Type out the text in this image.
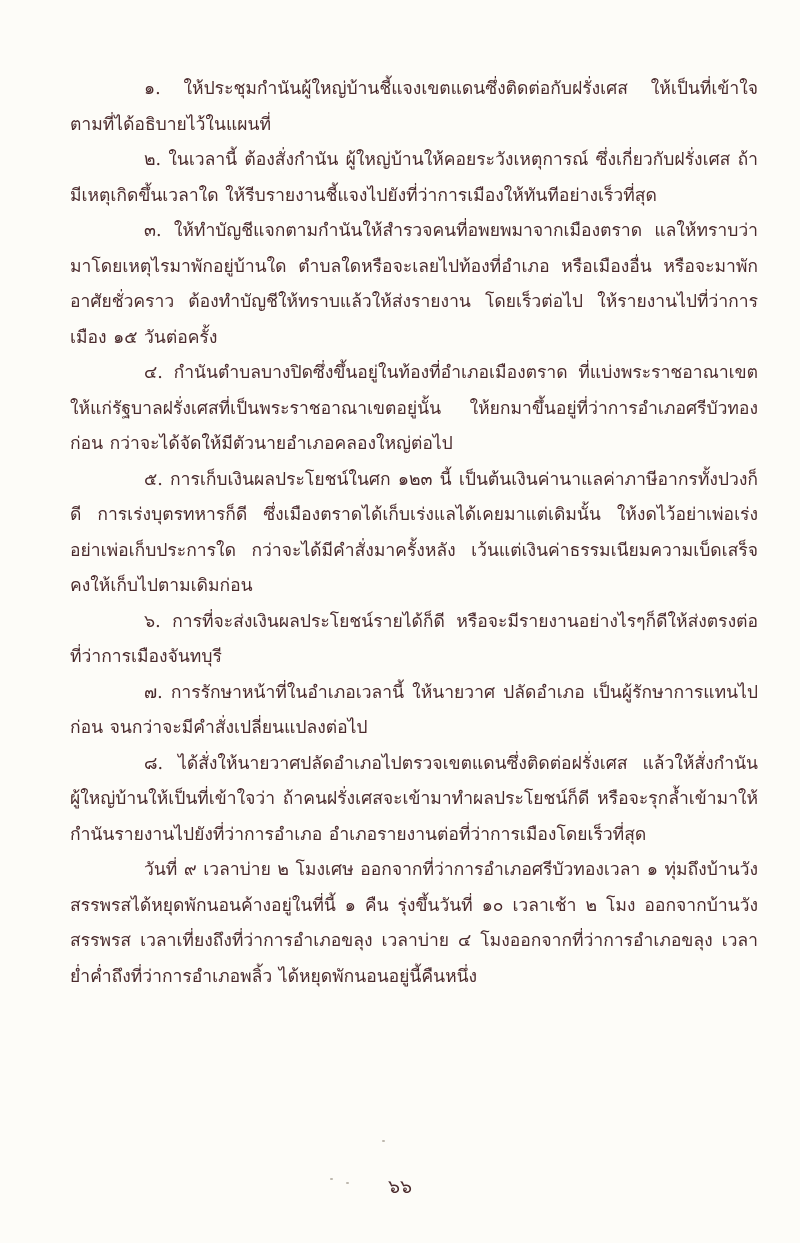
๑. ให้ประชุมกำนันผู้ใหญ่บ้านชี้แจงเขตแดนซึ่งติดต่อกับฝรั่งเศส ให้เป็นที่เข้าใจตามที่ได้อธิบายไว้ในแผนที่

๒. ในเวลานี้ ต้องสั่งกำนัน ผู้ใหญ่บ้านให้คอยระวังเหตุการณ์ ซึ่งเกี่ยวกับฝรั่งเศส ถ้ามีเหตุเกิดขึ้นเวลาใด ให้รีบรายงานชี้แจงไปยังที่ว่าการเมืองให้ทันทีอย่างเร็วที่สุด

๓. ให้ทำบัญชีแจกตามกำนันให้สำรวจคนที่อพยพมาจากเมืองตราด แลให้ทราบว่ามาโดยเหตุไรมาพักอยู่บ้านใด ตำบลใดหรือจะเลยไปท้องที่อำเภอ หรือเมืองอื่น หรือจะมาพักอาศัยชั่วคราว ต้องทำบัญชีให้ทราบแล้วให้ส่งรายงาน โดยเร็วต่อไป ให้รายงานไปที่ว่าการเมือง ๑๕ วันต่อครั้ง

๔. กำนันตำบลบางปิดซึ่งขึ้นอยู่ในท้องที่อำเภอเมืองตราด ที่แบ่งพระราชอาณาเขตให้แก่รัฐบาลฝรั่งเศสที่เป็นพระราชอาณาเขตอยู่นั้น ให้ยกมาขึ้นอยู่ที่ว่าการอำเภอศรีบัวทองก่อน กว่าจะได้จัดให้มีตัวนายอำเภอคลองใหญ่ต่อไป

๕. การเก็บเงินผลประโยชน์ในศก ๑๒๓ นี้ เป็นต้นเงินค่านาแลค่าภาษีอากรทั้งปวงก็ดี การเร่งบุตรทหารก็ดี ซึ่งเมืองตราดได้เก็บเร่งแลได้เคยมาแต่เดิมนั้น ให้งดไว้อย่าเพ่อเร่งอย่าเพ่อเก็บประการใด กว่าจะได้มีคำสั่งมาครั้งหลัง เว้นแต่เงินค่าธรรมเนียมความเบ็ดเสร็จคงให้เก็บไปตามเดิมก่อน

๖. การที่จะส่งเงินผลประโยชน์รายได้ก็ดี หรือจะมีรายงานอย่างไรๆก็ดีให้ส่งตรงต่อที่ว่าการเมืองจันทบุรี

๗. การรักษาหน้าที่ในอำเภอเวลานี้ ให้นายวาศ ปลัดอำเภอ เป็นผู้รักษาการแทนไปก่อน จนกว่าจะมีคำสั่งเปลี่ยนแปลงต่อไป

๘. ได้สั่งให้นายวาศปลัดอำเภอไปตรวจเขตแดนซึ่งติดต่อฝรั่งเศส แล้วให้สั่งกำนันผู้ใหญ่บ้านให้เป็นที่เข้าใจว่า ถ้าคนฝรั่งเศสจะเข้ามาทำผลประโยชน์ก็ดี หรือจะรุกล้ำเข้ามาให้กำนันรายงานไปยังที่ว่าการอำเภอ อำเภอรายงานต่อที่ว่าการเมืองโดยเร็วที่สุด

วันที่ ๙ เวลาบ่าย ๒ โมงเศษ ออกจากที่ว่าการอำเภอศรีบัวทองเวลา ๑ ทุ่มถึงบ้านวังสรรพรสได้หยุดพักนอนค้างอยู่ในที่นี้ ๑ คืน รุ่งขึ้นวันที่ ๑๐ เวลาเช้า ๒ โมง ออกจากบ้านวังสรรพรส เวลาเที่ยงถึงที่ว่าการอำเภอขลุง เวลาบ่าย ๔ โมงออกจากที่ว่าการอำเภอขลุง เวลาย่ำค่ำถึงที่ว่าการอำเภอพลิ้ว ได้หยุดพักนอนอยู่นี้คืนหนึ่ง

๖๖
